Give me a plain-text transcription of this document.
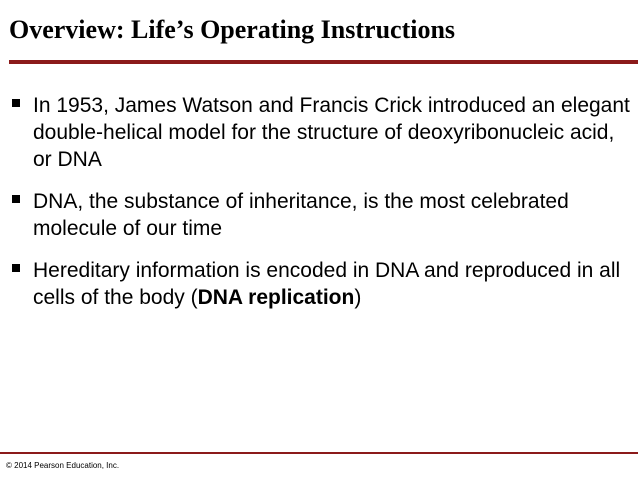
Overview: Life’s Operating Instructions
In 1953, James Watson and Francis Crick introduced an elegant double-helical model for the structure of deoxyribonucleic acid, or DNA
DNA, the substance of inheritance, is the most celebrated molecule of our time
Hereditary information is encoded in DNA and reproduced in all cells of the body (DNA replication)
© 2014 Pearson Education, Inc.
